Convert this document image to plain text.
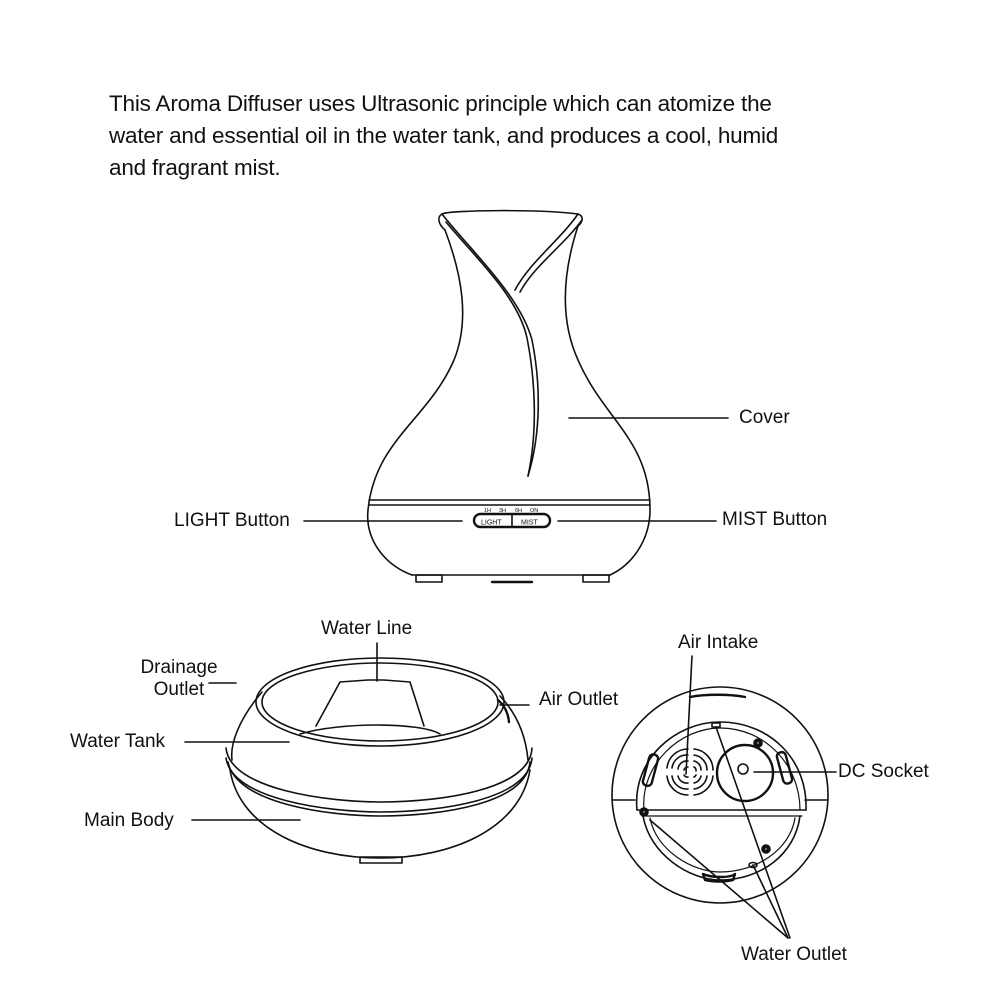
This Aroma Diffuser uses Ultrasonic principle which can atomize the
water and essential oil in the water tank, and produces a cool, humid
and fragrant mist.
1H 3H 6H ON
LIGHT	MIST
Cover
LIGHT Button	MIST Button
Water Line
Drainage
Outlet	Air Outlet
Water Tank
Main Body
Air Intake
DC Socket
Water Outlet
